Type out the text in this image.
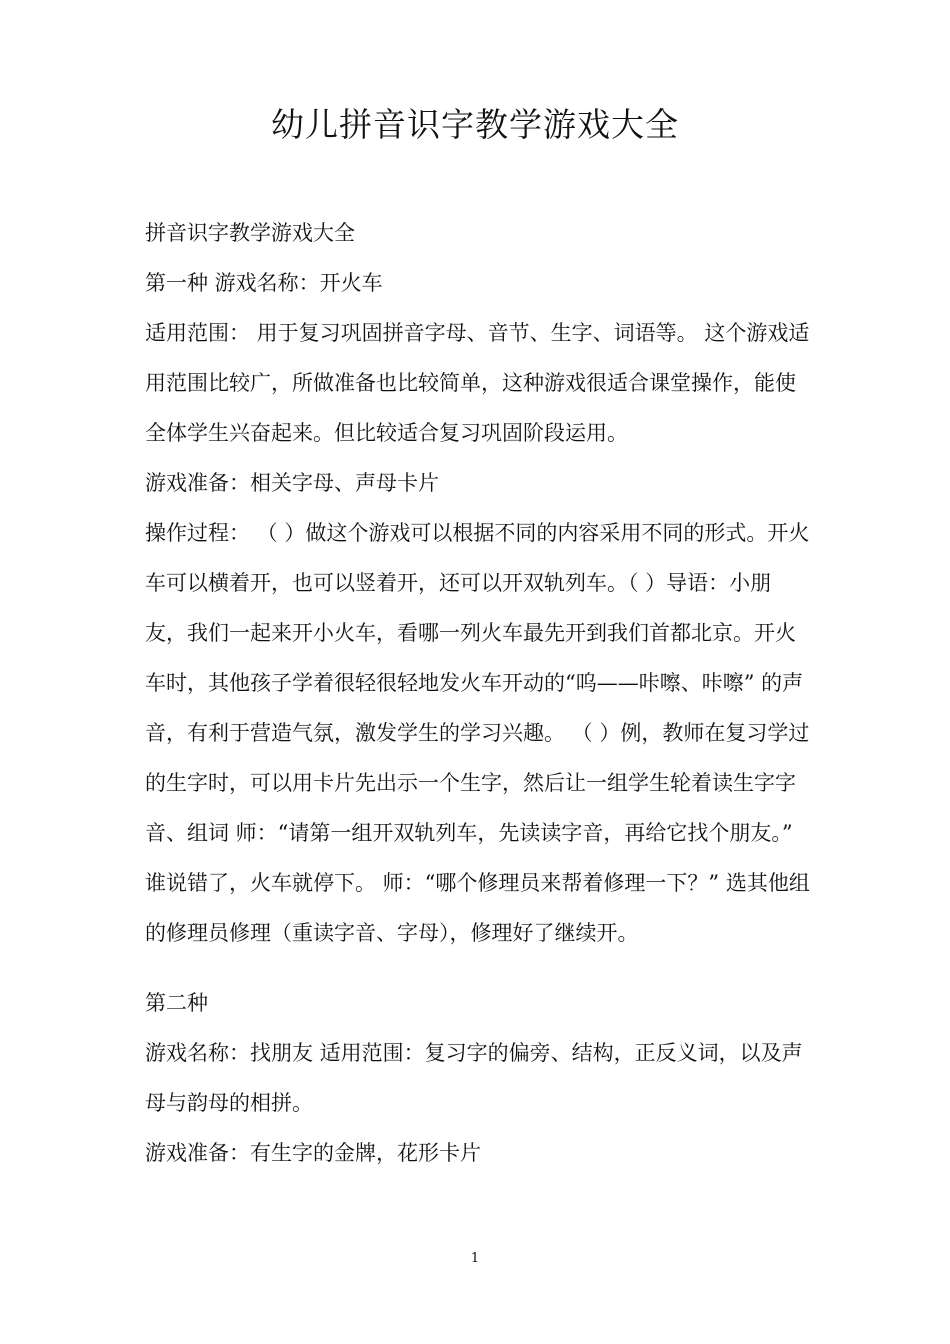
幼儿拼音识字教学游戏大全

拼音识字教学游戏大全

第一种 游戏名称：开火车

适用范围： 用于复习巩固拼音字母、音节、生字、词语等。 这个游戏适用范围比较广，所做准备也比较简单，这种游戏很适合课堂操作，能使全体学生兴奋起来。但比较适合复习巩固阶段运用。

游戏准备：相关字母、声母卡片

操作过程： （ ）做这个游戏可以根据不同的内容采用不同的形式。开火车可以横着开，也可以竖着开，还可以开双轨列车。（ ）导语：小朋友，我们一起来开小火车，看哪一列火车最先开到我们首都北京。开火车时，其他孩子学着很轻很轻地发火车开动的“呜——咔嚓、咔嚓” 的声音，有利于营造气氛，激发学生的学习兴趣。 （ ）例，教师在复习学过的生字时，可以用卡片先出示一个生字，然后让一组学生轮着读生字字音、组词 师：“请第一组开双轨列车，先读读字音，再给它找个朋友。” 谁说错了，火车就停下。 师：“哪个修理员来帮着修理一下？” 选其他组的修理员修理（重读字音、字母），修理好了继续开。

第二种

游戏名称：找朋友 适用范围：复习字的偏旁、结构，正反义词，以及声母与韵母的相拼。

游戏准备：有生字的金牌，花形卡片

1
